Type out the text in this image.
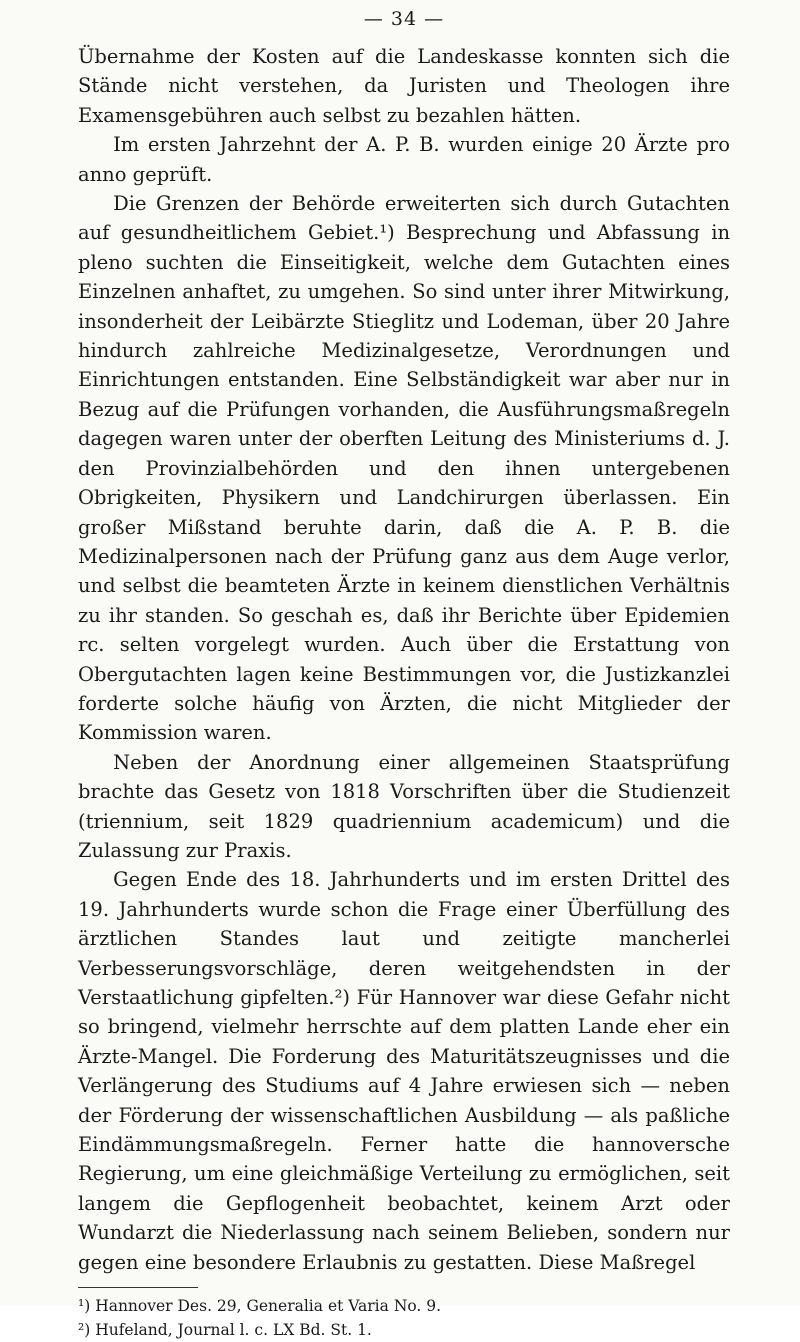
— 34 —

Übernahme der Kosten auf die Landeskasse konnten sich die Stände nicht verstehen, da Juristen und Theologen ihre Examensgebühren auch selbst zu bezahlen hätten.

Im ersten Jahrzehnt der A. P. B. wurden einige 20 Ärzte pro anno geprüft.

Die Grenzen der Behörde erweiterten sich durch Gutachten auf gesundheitlichem Gebiet.¹) Besprechung und Abfassung in pleno suchten die Einseitigkeit, welche dem Gutachten eines Einzelnen anhaftet, zu umgehen. So sind unter ihrer Mitwirkung, insonderheit der Leibärzte Stieglitz und Lodeman, über 20 Jahre hindurch zahlreiche Medizinalgesetze, Verordnungen und Einrichtungen entstanden. Eine Selbständigkeit war aber nur in Bezug auf die Prüfungen vorhanden, die Ausführungsmaßregeln dagegen waren unter der oberften Leitung des Ministeriums d. J. den Provinzialbehörden und den ihnen untergebenen Obrigkeiten, Physikern und Landchirurgen überlassen. Ein großer Mißstand beruhte darin, daß die A. P. B. die Medizinalpersonen nach der Prüfung ganz aus dem Auge verlor, und selbst die beamteten Ärzte in keinem dienstlichen Verhältnis zu ihr standen. So geschah es, daß ihr Berichte über Epidemien rc. selten vorgelegt wurden. Auch über die Erstattung von Obergutachten lagen keine Bestimmungen vor, die Justizkanzlei forderte solche häufig von Ärzten, die nicht Mitglieder der Kommission waren.

Neben der Anordnung einer allgemeinen Staatsprüfung brachte das Gesetz von 1818 Vorschriften über die Studienzeit (triennium, seit 1829 quadriennium academicum) und die Zulassung zur Praxis.

Gegen Ende des 18. Jahrhunderts und im ersten Drittel des 19. Jahrhunderts wurde schon die Frage einer Überfüllung des ärztlichen Standes laut und zeitigte mancherlei Verbesserungsvorschläge, deren weitgehendsten in der Verstaatlichung gipfelten.²) Für Hannover war diese Gefahr nicht so bringend, vielmehr herrschte auf dem platten Lande eher ein Ärzte-Mangel. Die Forderung des Maturitätszeugnisses und die Verlängerung des Studiums auf 4 Jahre erwiesen sich — neben der Förderung der wissenschaftlichen Ausbildung — als paßliche Eindämmungsmaßregeln. Ferner hatte die hannoversche Regierung, um eine gleichmäßige Verteilung zu ermöglichen, seit langem die Gepflogenheit beobachtet, keinem Arzt oder Wundarzt die Niederlassung nach seinem Belieben, sondern nur gegen eine besondere Erlaubnis zu gestatten. Diese Maßregel

¹) Hannover Des. 29, Generalia et Varia No. 9.
²) Hufeland, Journal l. c. LX Bd. St. 1.
